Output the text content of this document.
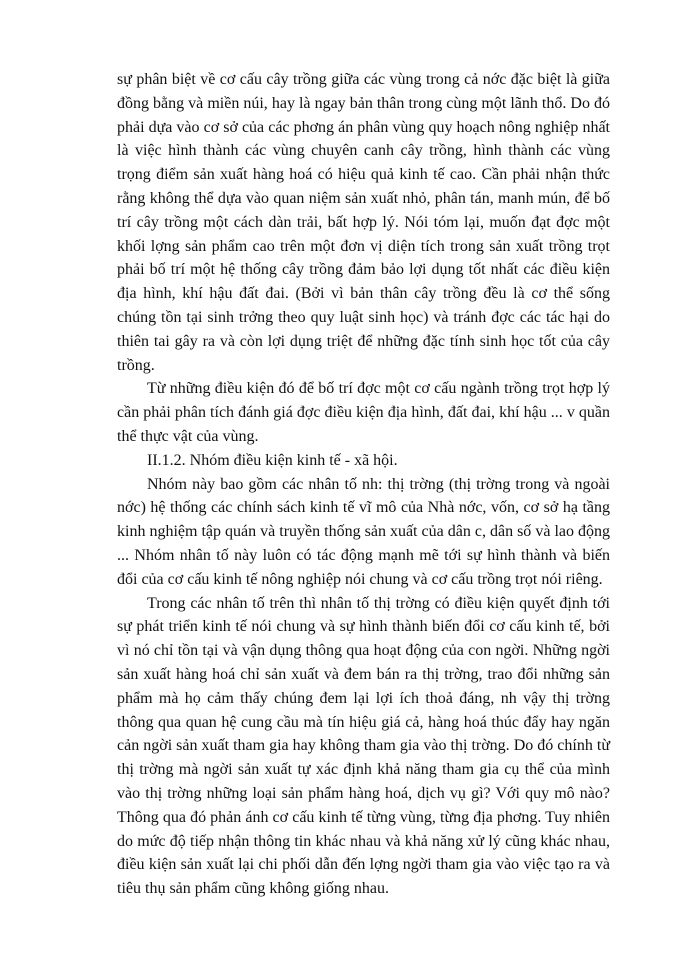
sự phân biệt về cơ cấu cây trồng giữa các vùng trong cả nớc đặc biệt là giữa đồng bằng và miền núi, hay là ngay bản thân trong cùng một lãnh thổ. Do đó phải dựa vào cơ sở của các phơng án phân vùng quy hoạch nông nghiệp nhất là việc hình thành các vùng chuyên canh cây trồng, hình thành các vùng trọng điểm sản xuất hàng hoá có hiệu quả kinh tế cao. Cần phải nhận thức rằng không thể dựa vào quan niệm sản xuất nhỏ, phân tán, manh mún, để bố trí cây trồng một cách dàn trải, bất hợp lý. Nói tóm lại, muốn đạt đợc một khối lợng sản phẩm cao trên một đơn vị diện tích trong sản xuất trồng trọt phải bố trí một hệ thống cây trồng đảm bảo lợi dụng tốt nhất các điều kiện địa hình, khí hậu đất đai. (Bởi vì bản thân cây trồng đều là cơ thể sống chúng tồn tại sinh trởng theo quy luật sinh học) và tránh đợc các tác hại do thiên tai gây ra và còn lợi dụng triệt để những đặc tính sinh học tốt của cây trồng.

Từ những điều kiện đó để bố trí đợc một cơ cấu ngành trồng trọt hợp lý cần phải phân tích đánh giá đợc điều kiện địa hình, đất đai, khí hậu ... v quần thể thực vật của vùng.

II.1.2. Nhóm điều kiện kinh tế - xã hội.

Nhóm này bao gồm các nhân tố nh: thị trờng (thị trờng trong và ngoài nớc) hệ thống các chính sách kinh tế vĩ mô của Nhà nớc, vốn, cơ sở hạ tầng kinh nghiệm tập quán và truyền thống sản xuất của dân c, dân số và lao động ... Nhóm nhân tố này luôn có tác động mạnh mẽ tới sự hình thành và biến đổi của cơ cấu kinh tế nông nghiệp nói chung và cơ cấu trồng trọt nói riêng.

Trong các nhân tố trên thì nhân tố thị trờng có điều kiện quyết định tới sự phát triển kinh tế nói chung và sự hình thành biến đổi cơ cấu kinh tế, bởi vì nó chỉ tồn tại và vận dụng thông qua hoạt động của con ngời. Những ngời sản xuất hàng hoá chỉ sản xuất và đem bán ra thị trờng, trao đổi những sản phẩm mà họ cảm thấy chúng đem lại lợi ích thoả đáng, nh vậy thị trờng thông qua quan hệ cung cầu mà tín hiệu giá cả, hàng hoá thúc đẩy hay ngăn cản ngời sản xuất tham gia hay không tham gia vào thị trờng. Do đó chính từ thị trờng mà ngời sản xuất tự xác định khả năng tham gia cụ thể của mình vào thị trờng những loại sản phẩm hàng hoá, dịch vụ gì? Với quy mô nào? Thông qua đó phản ánh cơ cấu kinh tế từng vùng, từng địa phơng. Tuy nhiên do mức độ tiếp nhận thông tin khác nhau và khả năng xử lý cũng khác nhau, điều kiện sản xuất lại chi phối dẫn đến lợng ngời tham gia vào việc tạo ra và tiêu thụ sản phẩm cũng không giống nhau.
